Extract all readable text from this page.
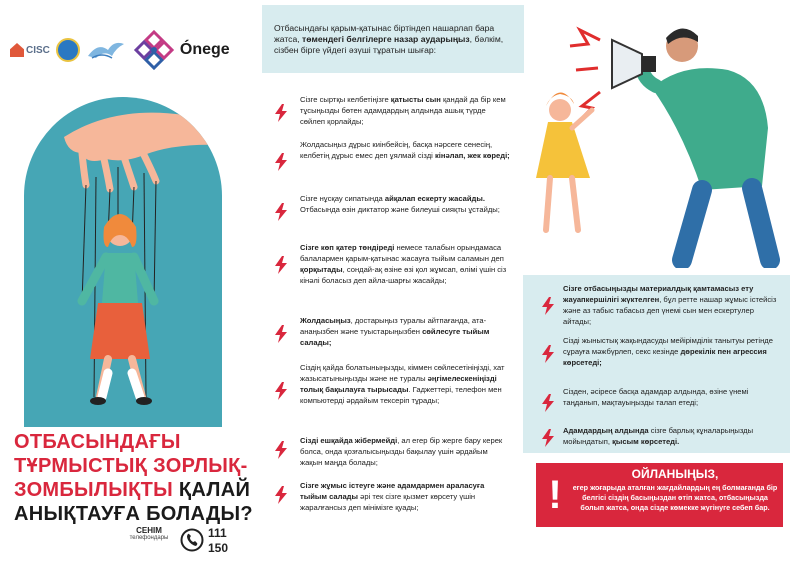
CISC	Ónege
ОТБАСЫНДАҒЫ
ТҰРМЫСТЫҚ ЗОРЛЫҚ-
ЗОМБЫЛЫҚТЫ ҚАЛАЙ
АНЫҚТАУҒА БОЛАДЫ?
СЕНІМ
телефондары	111
150
Отбасындағы қарым-қатынас біртіндеп нашарлап бара жатса, төмендегі белгілерге назар аударыңыз, бәлкім, сізбен бірге үйдегі әзүші тұратын шығар:

Сізге сыртқы келбетіңізге қатысты сын қандай да бір кем тұсыңызды бөтен адамдардың алдында ашық түрде сөйлеп қорлайды;

Жолдасыңыз дұрыс киінбейсің, басқа нәрсеге сенесің, келбетің дұрыс емес деп ұялмай сізді кінәлап, жек көреді;

Сізге нұсқау сипатында айқалап ескерту жасайды. Отбасында өзін диктатор және билеуші сияқты ұстайды;

Сізге көп қатер төндіреді немесе талабын орындамаса балалармен қарым-қатынас жасауға тыйым саламын деп қорқытады, сондай-ақ өзіне өзі қол жұмсап, өлімі үшін сіз кінәлі боласыз деп айла-шарғы жасайды;

Жолдасыңыз, достарыңыз туралы айтпағанда, ата-анаңызбен және туыстарыңызбен сөйлесуге тыйым салады;

Сіздің қайда болатыныңызды, кіммен сөйлесетініңізді, хат жазысатыныңызды және не туралы әңгімелескеніңізді толық бақылауға тырысады. Гаджеттері, телефон мен компьютерді әрдайым тексеріп тұрады;

Сізді ешқайда жібермейді, ал егер бір жерге бару керек болса, онда қозғалысыңызды бақылау үшін әрдайым жақын маңда болады;

Сізге жұмыс істеуге және адамдармен араласуға тыйым салады әрі тек сізге қызмет көрсету үшін жаралғансыз деп мінімізге қуады;

Сізге отбасыңызды материалдық қамтамасыз ету жауапкершілігі жүктелген, бұл ретте нашар жұмыс істейсіз және аз табыс табасыз деп үнемі сын мен ескертулер айтады;

Сізді жыныстық жақындасуды мейірімділік танытуы ретінде сұрауға мәжбүрлеп, секс кезінде дөрекілік пен агрессия көрсетеді;

Сізден, әсіресе басқа адамдар алдында, өзіне үнемі таңданып, мақтауыңызды талап етеді;

Адамдардың алдында сізге барлық кұналарыңызды мойындатып, қысым көрсетеді.

!	ОЙЛАНЫҢЫЗ,
егер жоғарыда аталған жағдайлардың ең болмағанда бір белгісі сіздің басыңыздан өтіп жатса, отбасыңызда болып жатса, онда сізде көмекке жүгінуге себеп бар.
